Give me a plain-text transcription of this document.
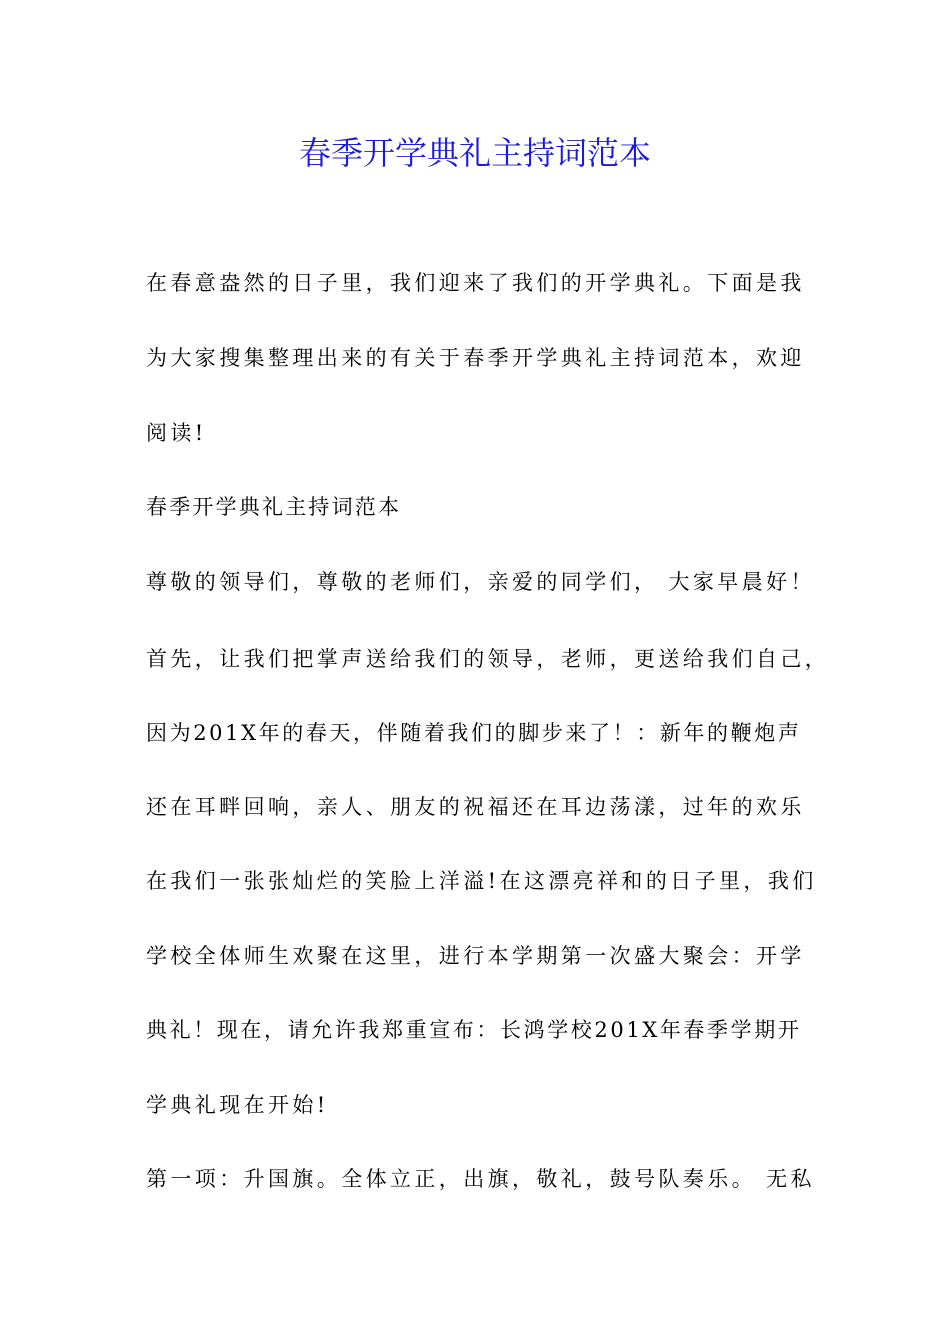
春季开学典礼主持词范本

在春意盎然的日子里，我们迎来了我们的开学典礼。下面是我

为大家搜集整理出来的有关于春季开学典礼主持词范本，欢迎

阅读!

春季开学典礼主持词范本

尊敬的领导们，尊敬的老师们，亲爱的同学们， 大家早晨好！

首先，让我们把掌声送给我们的领导，老师，更送给我们自己，

因为201X年的春天，伴随着我们的脚步来了！：新年的鞭炮声

还在耳畔回响，亲人、朋友的祝福还在耳边荡漾，过年的欢乐

在我们一张张灿烂的笑脸上洋溢!在这漂亮祥和的日子里，我们

学校全体师生欢聚在这里，进行本学期第一次盛大聚会：开学

典礼！现在，请允许我郑重宣布：长鸿学校201X年春季学期开

学典礼现在开始!

第一项：升国旗。全体立正，出旗，敬礼，鼓号队奏乐。 无私
